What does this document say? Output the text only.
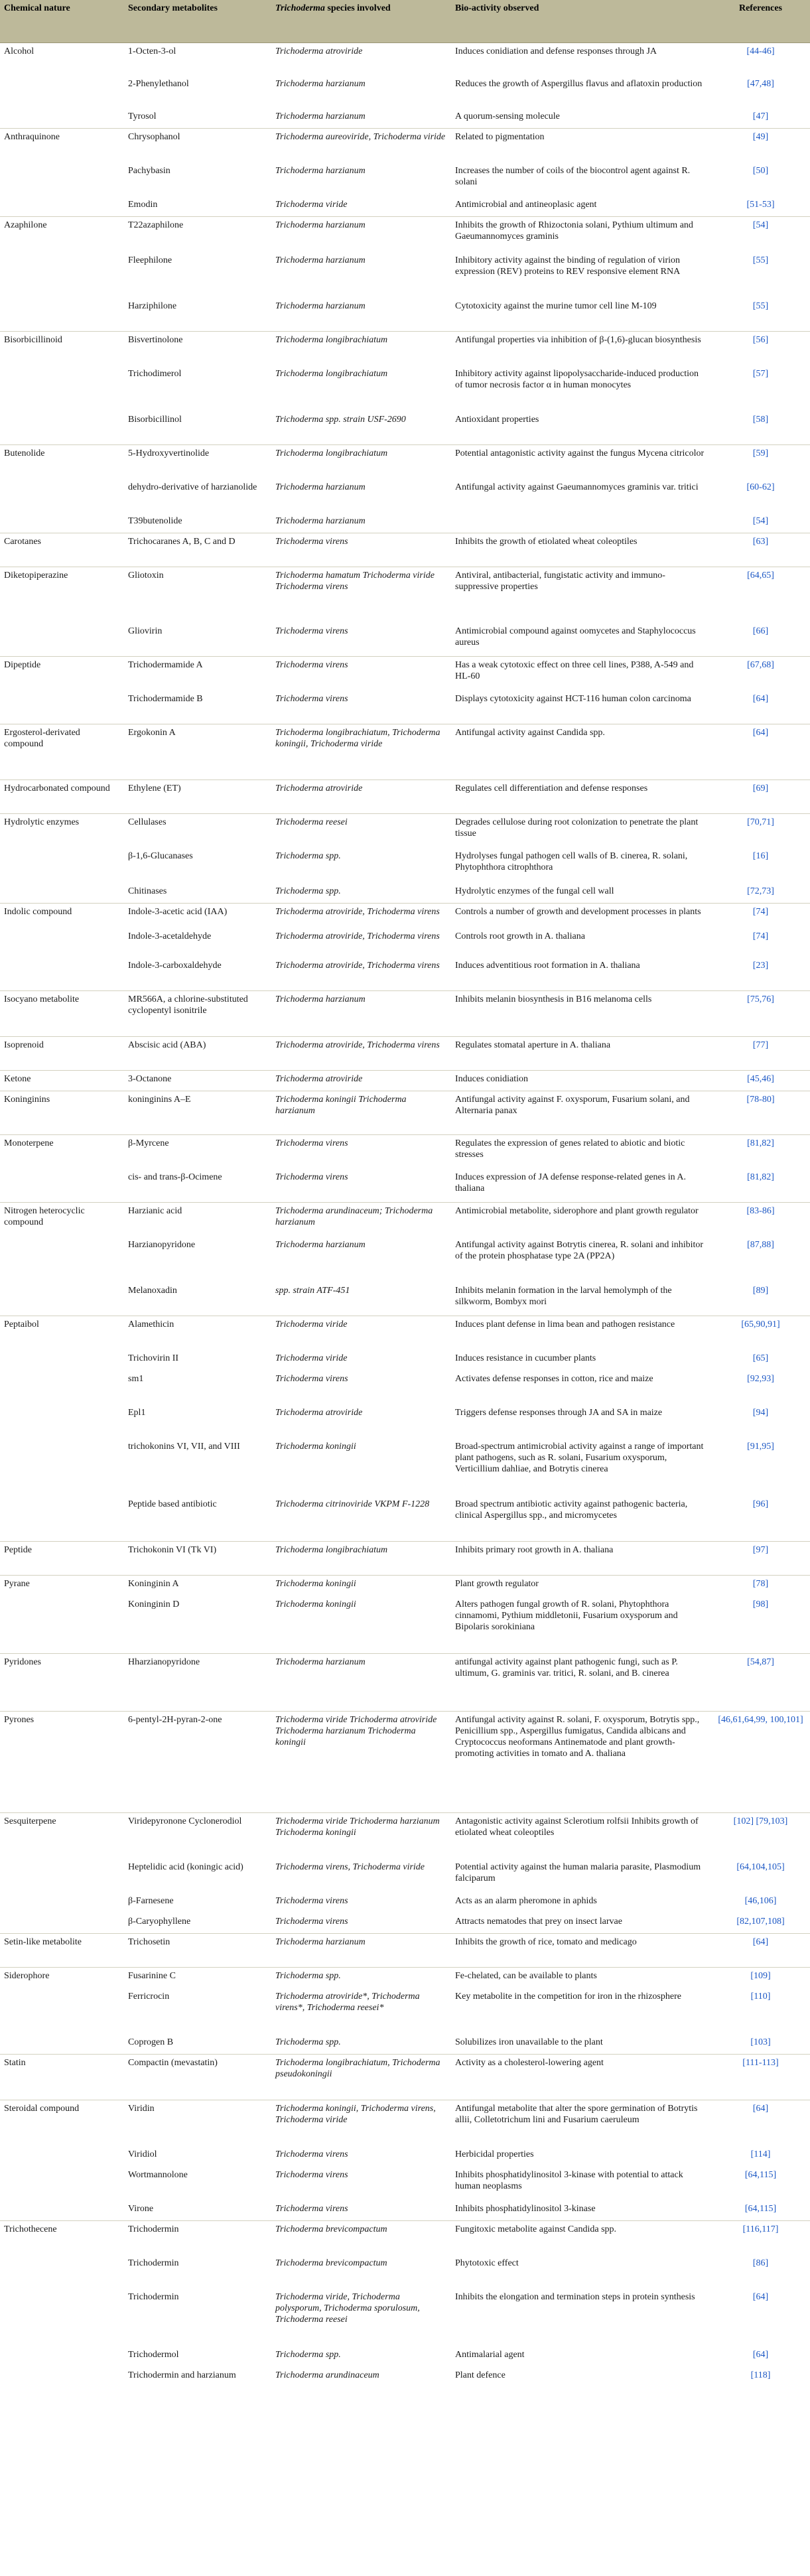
Chemical nature	Secondary metabolites	Trichoderma species involved	Bio-activity observed	References
Alcohol	1-Octen-3-ol	Trichoderma atroviride	Induces conidiation and defense responses through JA	[44-46]
	2-Phenylethanol	Trichoderma harzianum	Reduces the growth of Aspergillus flavus and aflatoxin production	[47,48]
	Tyrosol	Trichoderma harzianum	A quorum-sensing molecule	[47]
Anthraquinone	Chrysophanol	Trichoderma aureoviride, Trichoderma viride	Related to pigmentation	[49]
	Pachybasin	Trichoderma harzianum	Increases the number of coils of the biocontrol agent against R. solani	[50]
	Emodin	Trichoderma viride	Antimicrobial and antineoplasic agent	[51-53]
Azaphilone	T22azaphilone	Trichoderma harzianum	Inhibits the growth of Rhizoctonia solani, Pythium ultimum and Gaeumannomyces graminis	[54]
	Fleephilone	Trichoderma harzianum	Inhibitory activity against the binding of regulation of virion expression (REV) proteins to REV responsive element RNA	[55]
	Harziphilone	Trichoderma harzianum	Cytotoxicity against the murine tumor cell line M-109	[55]
Bisorbicillinoid	Bisvertinolone	Trichoderma longibrachiatum	Antifungal properties via inhibition of β-(1,6)-glucan biosynthesis	[56]
	Trichodimerol	Trichoderma longibrachiatum	Inhibitory activity against lipopolysaccharide-induced production of tumor necrosis factor α in human monocytes	[57]
	Bisorbicillinol	Trichoderma spp. strain USF-2690	Antioxidant properties	[58]
Butenolide	5-Hydroxyvertinolide	Trichoderma longibrachiatum	Potential antagonistic activity against the fungus Mycena citricolor	[59]
	dehydro-derivative of harzianolide	Trichoderma harzianum	Antifungal activity against Gaeumannomyces graminis var. tritici	[60-62]
	T39butenolide	Trichoderma harzianum		[54]
Carotanes	Trichocaranes A, B, C and D	Trichoderma virens	Inhibits the growth of etiolated wheat coleoptiles	[63]
Diketopiperazine	Gliotoxin	Trichoderma hamatum Trichoderma viride Trichoderma virens	Antiviral, antibacterial, fungistatic activity and immuno-suppressive properties	[64,65]
	Gliovirin	Trichoderma virens	Antimicrobial compound against oomycetes and Staphylococcus aureus	[66]
Dipeptide	Trichodermamide A	Trichoderma virens	Has a weak cytotoxic effect on three cell lines, P388, A-549 and HL-60	[67,68]
	Trichodermamide B	Trichoderma virens	Displays cytotoxicity against HCT-116 human colon carcinoma	[64]
Ergosterol-derivated compound	Ergokonin A	Trichoderma longibrachiatum, Trichoderma koningii, Trichoderma viride	Antifungal activity against Candida spp.	[64]
Hydrocarbonated compound	Ethylene (ET)	Trichoderma atroviride	Regulates cell differentiation and defense responses	[69]
Hydrolytic enzymes	Cellulases	Trichoderma reesei	Degrades cellulose during root colonization to penetrate the plant tissue	[70,71]
	β-1,6-Glucanases	Trichoderma spp.	Hydrolyses fungal pathogen cell walls of B. cinerea, R. solani, Phytophthora citrophthora	[16]
	Chitinases	Trichoderma spp.	Hydrolytic enzymes of the fungal cell wall	[72,73]
Indolic compound	Indole-3-acetic acid (IAA)	Trichoderma atroviride, Trichoderma virens	Controls a number of growth and development processes in plants	[74]
	Indole-3-acetaldehyde	Trichoderma atroviride, Trichoderma virens	Controls root growth in A. thaliana	[74]
	Indole-3-carboxaldehyde	Trichoderma atroviride, Trichoderma virens	Induces adventitious root formation in A. thaliana	[23]
Isocyano metabolite	MR566A, a chlorine-substituted cyclopentyl isonitrile	Trichoderma harzianum	Inhibits melanin biosynthesis in B16 melanoma cells	[75,76]
Isoprenoid	Abscisic acid (ABA)	Trichoderma atroviride, Trichoderma virens	Regulates stomatal aperture in A. thaliana	[77]
Ketone	3-Octanone	Trichoderma atroviride	Induces conidiation	[45,46]
Koninginins	koninginins A–E	Trichoderma koningii Trichoderma harzianum	Antifungal activity against F. oxysporum, Fusarium solani, and Alternaria panax	[78-80]
Monoterpene	β-Myrcene	Trichoderma virens	Regulates the expression of genes related to abiotic and biotic stresses	[81,82]
	cis- and trans-β-Ocimene	Trichoderma virens	Induces expression of JA defense response-related genes in A. thaliana	[81,82]
Nitrogen heterocyclic compound	Harzianic acid	Trichoderma arundinaceum; Trichoderma harzianum	Antimicrobial metabolite, siderophore and plant growth regulator	[83-86]
	Harzianopyridone	Trichoderma harzianum	Antifungal activity against Botrytis cinerea, R. solani and inhibitor of the protein phosphatase type 2A (PP2A)	[87,88]
	Melanoxadin	spp. strain ATF-451	Inhibits melanin formation in the larval hemolymph of the silkworm, Bombyx mori	[89]
Peptaibol	Alamethicin	Trichoderma viride	Induces plant defense in lima bean and pathogen resistance	[65,90,91]
	Trichovirin II	Trichoderma viride	Induces resistance in cucumber plants	[65]
	sm1	Trichoderma virens	Activates defense responses in cotton, rice and maize	[92,93]
	Epl1	Trichoderma atroviride	Triggers defense responses through JA and SA in maize	[94]
	trichokonins VI, VII, and VIII	Trichoderma koningii	Broad-spectrum antimicrobial activity against a range of important plant pathogens, such as R. solani, Fusarium oxysporum, Verticillium dahliae, and Botrytis cinerea	[91,95]
	Peptide based antibiotic	Trichoderma citrinoviride VKPM F-1228	Broad spectrum antibiotic activity against pathogenic bacteria, clinical Aspergillus spp., and micromycetes	[96]
Peptide	Trichokonin VI (Tk VI)	Trichoderma longibrachiatum	Inhibits primary root growth in A. thaliana	[97]
Pyrane	Koninginin A	Trichoderma koningii	Plant growth regulator	[78]
	Koninginin D	Trichoderma koningii	Alters pathogen fungal growth of R. solani, Phytophthora cinnamomi, Pythium middletonii, Fusarium oxysporum and Bipolaris sorokiniana	[98]
Pyridones	Hharzianopyridone	Trichoderma harzianum	antifungal activity against plant pathogenic fungi, such as P. ultimum, G. graminis var. tritici, R. solani, and B. cinerea	[54,87]
Pyrones	6-pentyl-2H-pyran-2-one	Trichoderma viride Trichoderma atroviride Trichoderma harzianum Trichoderma koningii	Antifungal activity against R. solani, F. oxysporum, Botrytis spp., Penicillium spp., Aspergillus fumigatus, Candida albicans and Cryptococcus neoformans Antinematode and plant growth-promoting activities in tomato and A. thaliana	[46,61,64,99, 100,101]
Sesquiterpene	Viridepyronone Cyclonerodiol	Trichoderma viride Trichoderma harzianum Trichoderma koningii	Antagonistic activity against Sclerotium rolfsii Inhibits growth of etiolated wheat coleoptiles	[102] [79,103]
	Heptelidic acid (koningic acid)	Trichoderma virens, Trichoderma viride	Potential activity against the human malaria parasite, Plasmodium falciparum	[64,104,105]
	β-Farnesene	Trichoderma virens	Acts as an alarm pheromone in aphids	[46,106]
	β-Caryophyllene	Trichoderma virens	Attracts nematodes that prey on insect larvae	[82,107,108]
Setin-like metabolite	Trichosetin	Trichoderma harzianum	Inhibits the growth of rice, tomato and medicago	[64]
Siderophore	Fusarinine C	Trichoderma spp.	Fe-chelated, can be available to plants	[109]
	Ferricrocin	Trichoderma atroviride*, Trichoderma virens*, Trichoderma reesei*	Key metabolite in the competition for iron in the rhizosphere	[110]
	Coprogen B	Trichoderma spp.	Solubilizes iron unavailable to the plant	[103]
Statin	Compactin (mevastatin)	Trichoderma longibrachiatum, Trichoderma pseudokoningii	Activity as a cholesterol-lowering agent	[111-113]
Steroidal compound	Viridin	Trichoderma koningii, Trichoderma virens, Trichoderma viride	Antifungal metabolite that alter the spore germination of Botrytis allii, Colletotrichum lini and Fusarium caeruleum	[64]
	Viridiol	Trichoderma virens	Herbicidal properties	[114]
	Wortmannolone	Trichoderma virens	Inhibits phosphatidylinositol 3-kinase with potential to attack human neoplasms	[64,115]
	Virone	Trichoderma virens	Inhibits phosphatidylinositol 3-kinase	[64,115]
Trichothecene	Trichodermin	Trichoderma brevicompactum	Fungitoxic metabolite against Candida spp.	[116,117]
	Trichodermin	Trichoderma brevicompactum	Phytotoxic effect	[86]
	Trichodermin	Trichoderma viride, Trichoderma polysporum, Trichoderma sporulosum, Trichoderma reesei	Inhibits the elongation and termination steps in protein synthesis	[64]
	Trichodermol	Trichoderma spp.	Antimalarial agent	[64]
	Trichodermin and harzianum	Trichoderma arundinaceum	Plant defence	[118]
